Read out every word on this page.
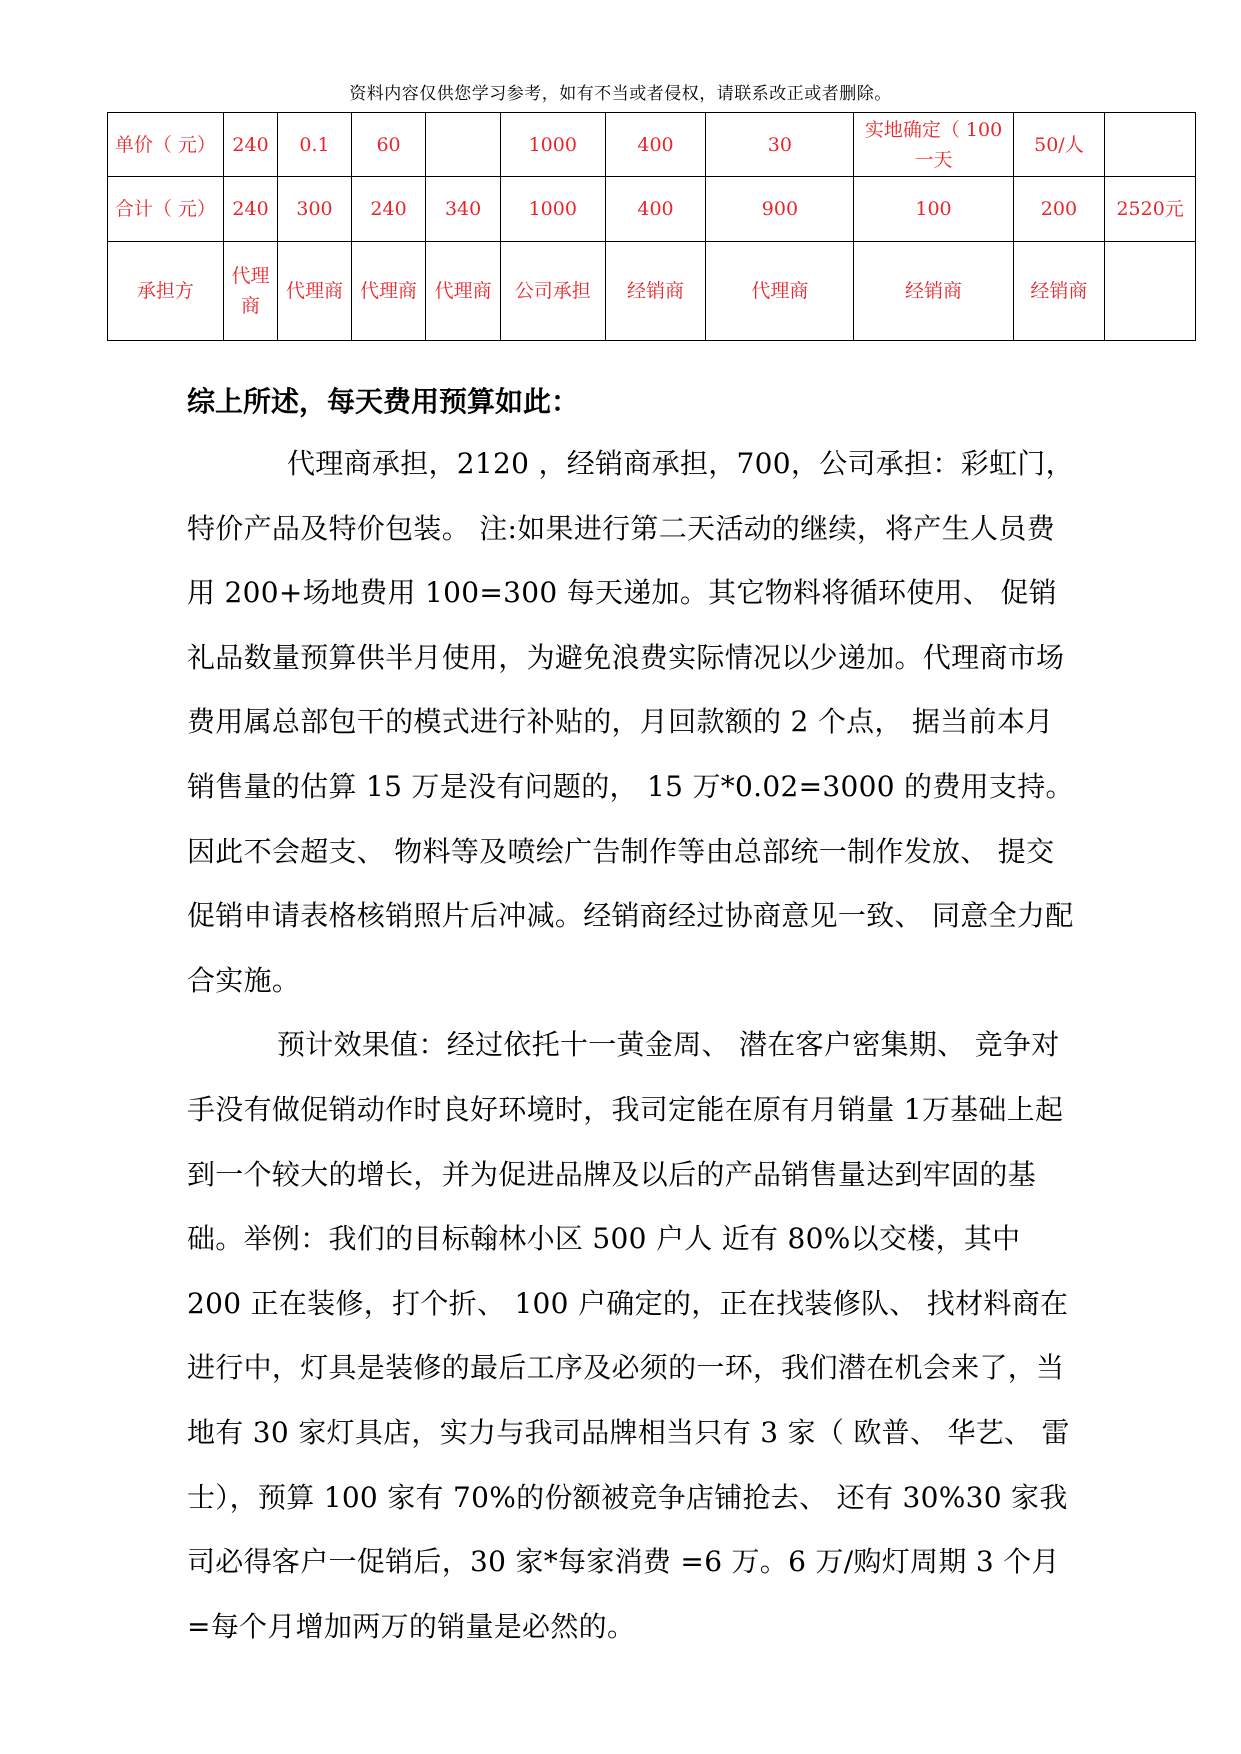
资料内容仅供您学习参考，如有不当或者侵权，请联系改正或者删除。
单价（ 元）	240	0.1	60		1000	400	30	实地确定（ 100 一天	50/人	
合计（ 元）	240	300	240	340	1000	400	900	100	200	2520元
承担方	代理商	代理商	代理商	代理商	公司承担	经销商	代理商	经销商	经销商	
综上所述，每天费用预算如此：

代理商承担，2120 ，经销商承担，700，公司承担：彩虹门，特价产品及特价包装。 注:如果进行第二天活动的继续，将产生人员费用 200+场地费用 100=300 每天递加。其它物料将循环使用、 促销礼品数量预算供半月使用，为避免浪费实际情况以少递加。代理商市场费用属总部包干的模式进行补贴的，月回款额的 2 个点， 据当前本月销售量的估算 15 万是没有问题的， 15 万*0.02=3000 的费用支持。因此不会超支、 物料等及喷绘广告制作等由总部统一制作发放、 提交促销申请表格核销照片后冲减。经销商经过协商意见一致、 同意全力配合实施。

预计效果值：经过依托十一黄金周、 潜在客户密集期、 竞争对手没有做促销动作时良好环境时，我司定能在原有月销量 1万基础上起到一个较大的增长，并为促进品牌及以后的产品销售量达到牢固的基础。举例：我们的目标翰林小区 500 户人 近有 80%以交楼，其中 200 正在装修，打个折、 100 户确定的，正在找装修队、 找材料商在进行中，灯具是装修的最后工序及必须的一环，我们潜在机会来了，当地有 30 家灯具店，实力与我司品牌相当只有 3 家（ 欧普、 华艺、 雷士），预算 100 家有 70%的份额被竞争店铺抢去、 还有 30%30 家我司必得客户一促销后，30 家*每家消费 =6 万。6 万/购灯周期 3 个月=每个月增加两万的销量是必然的。
